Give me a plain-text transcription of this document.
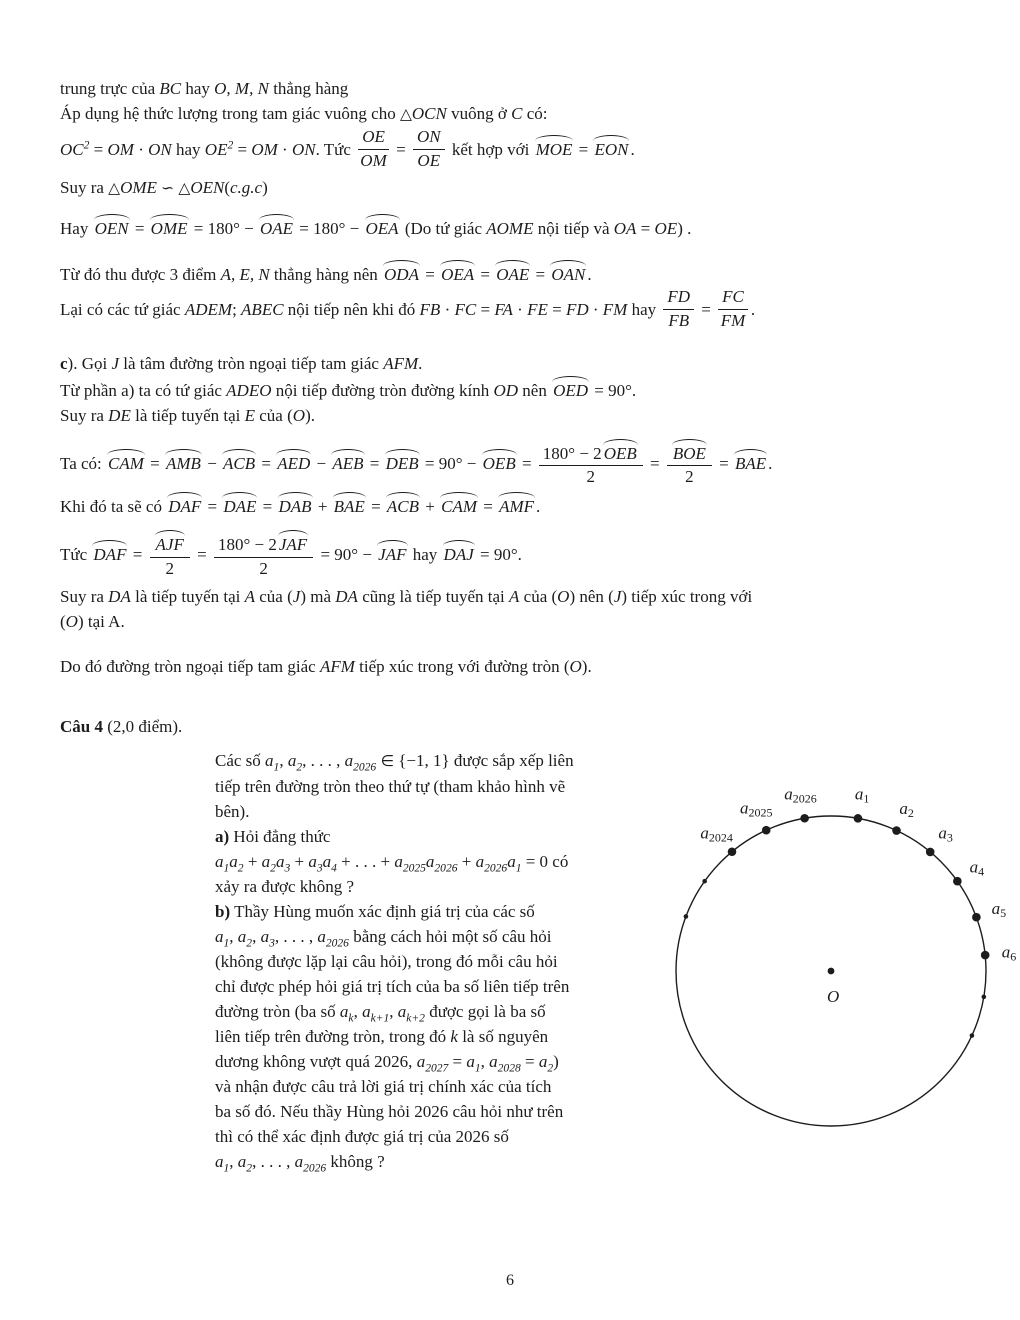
trung trực của BC hay O, M, N thẳng hàng
Áp dụng hệ thức lượng trong tam giác vuông cho △OCN vuông ở C có:
$OC^2$ = OM · ON hay $OE^2$ = OM · ON. Tức $\frac{OE}{OM} = \frac{ON}{OE}$ kết hợp với MOE = EON .
Suy ra △OME ∽ △OEN(c.g.c)
Hay OEN = OME = 180° − OAE = 180° − OEA (Do tứ giác AOME nội tiếp và OA = OE) .
Từ đó thu được 3 điểm A, E, N thẳng hàng nên ODA = OEA = OAE = OAN .
Lại có các tứ giác ADEM; ABEC nội tiếp nên khi đó FB · FC = FA · FE = FD · FM hay $\frac{FD}{FB} = \frac{FC}{FM}$ .
c). Gọi J là tâm đường tròn ngoại tiếp tam giác AFM.
Từ phần a) ta có tứ giác ADEO nội tiếp đường tròn đường kính OD nên OED = 90°.
Suy ra DE là tiếp tuyến tại E của (O).
Ta có: CAM = AMB − ACB = AED − AEB = DEB = 90° − OEB = $\frac{\text{180° − 2 OEB}}{2} = \frac{\text{BOE}}{2}$ = BAE .
Khi đó ta sẽ có DAF = DAE = DAB + BAE = ACB + CAM = AMF .
Tức DAF = $\frac{\text{AJF}}{2} = \frac{\text{180° − 2 JAF}}{2} = 90^\circ$ − JAF hay DAJ = 90°.
Suy ra DA là tiếp tuyến tại A của (J) mà DA cũng là tiếp tuyến tại A của (O) nên (J) tiếp xúc trong với
(O) tại A.
Do đó đường tròn ngoại tiếp tam giác AFM tiếp xúc trong với đường tròn (O).
Câu 4 (2,0 điểm).
Các số $a_1$, $a_2$, . . . , $a_{2026}$ ∈ {−1, 1} được sắp xếp liên
tiếp trên đường tròn theo thứ tự (tham khảo hình vẽ
bên).
a) Hỏi đẳng thức
$a_1a_2 + a_2a_3 + a_3a_4$ + . . . + $a_{2025}a_{2026} + a_{2026}a_1 = 0$ có
xảy ra được không ?
b) Thầy Hùng muốn xác định giá trị của các số
$a_1$, $a_2$, $a_3$, . . . , $a_{2026}$ bằng cách hỏi một số câu hỏi
(không được lặp lại câu hỏi), trong đó mỗi câu hỏi
chỉ được phép hỏi giá trị tích của ba số liên tiếp trên
đường tròn (ba số $a_k$, $a_{k+1}$, $a_{k+2}$ được gọi là ba số
liên tiếp trên đường tròn, trong đó k là số nguyên
dương không vượt quá 2026, $a_{2027} = a_1$, $a_{2028} = a_2$)
và nhận được câu trả lời giá trị chính xác của tích
ba số đó. Nếu thầy Hùng hỏi 2026 câu hỏi như trên
thì có thể xác định được giá trị của 2026 số
$a_1$, $a_2$, . . . , $a_{2026}$ không ?
O
a2024
a2025
a2026 a1
a2
a3
a4
a5
a6
6
